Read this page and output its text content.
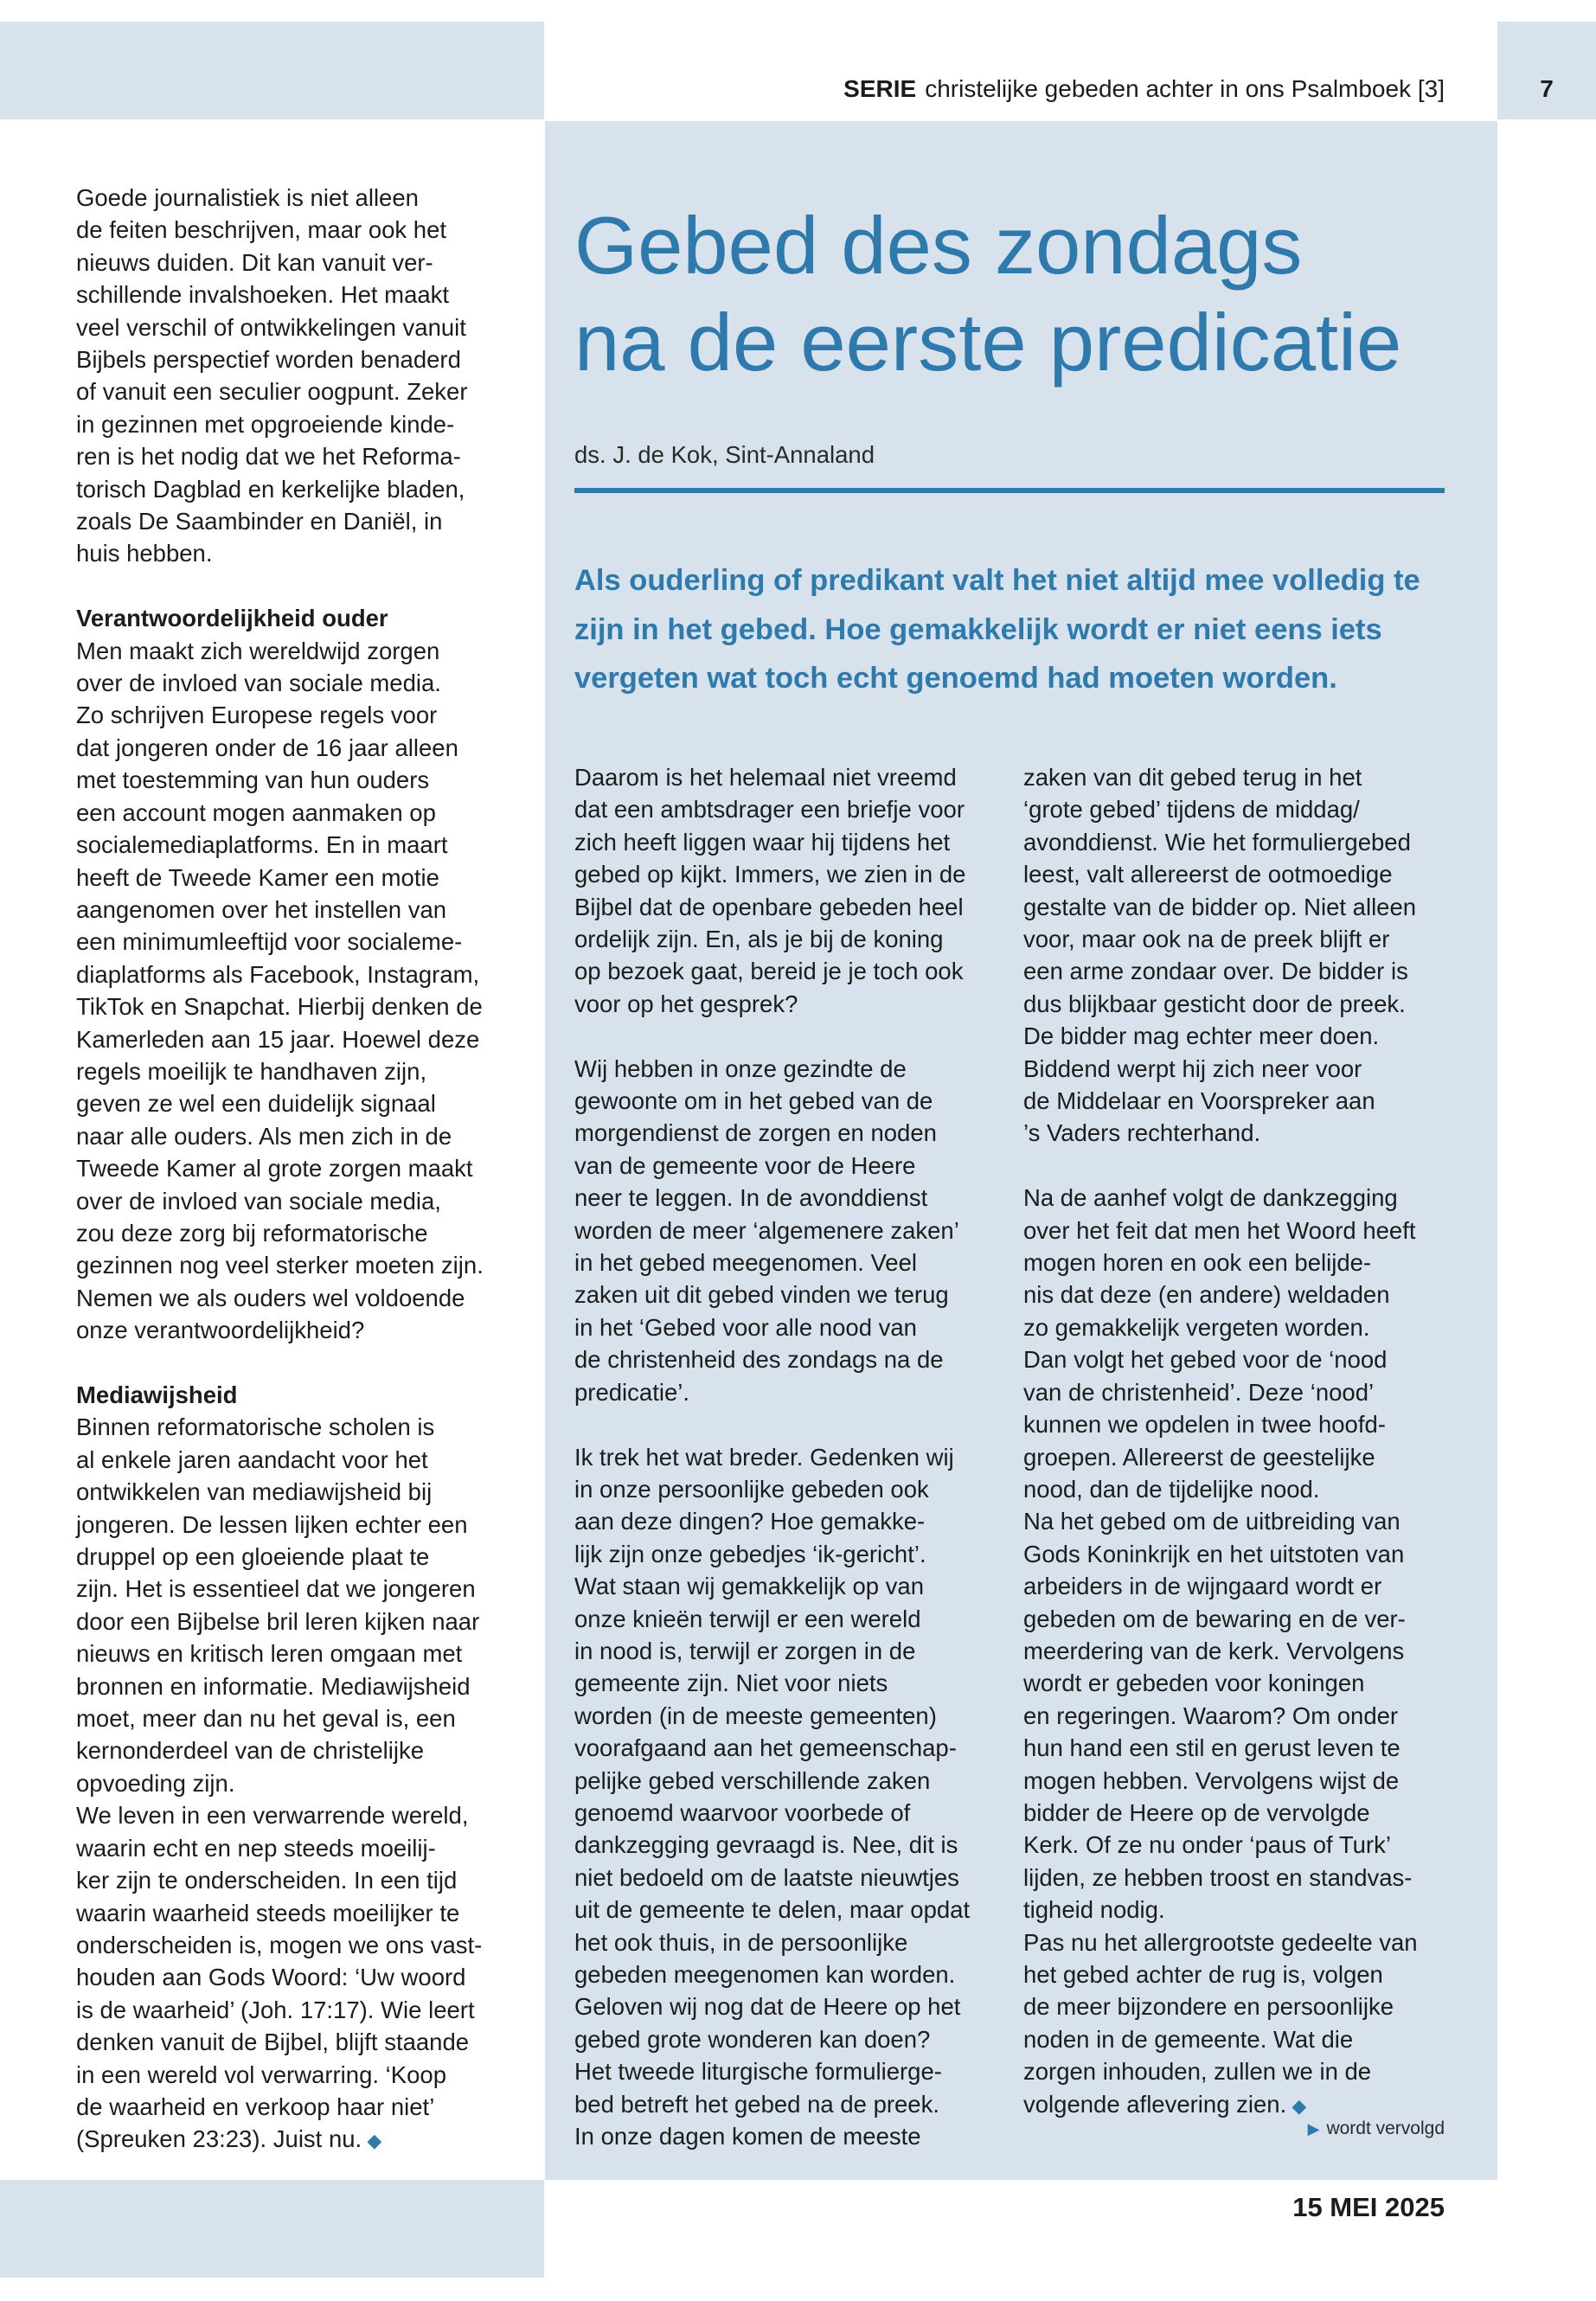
SERIE christelijke gebeden achter in ons Psalmboek [3]	7
Goede journalistiek is niet alleen
de feiten beschrijven, maar ook het
nieuws duiden. Dit kan vanuit ver-
schillende invalshoeken. Het maakt
veel verschil of ontwikkelingen vanuit
Bijbels perspectief worden benaderd
of vanuit een seculier oogpunt. Zeker
in gezinnen met opgroeiende kinde-
ren is het nodig dat we het Reforma-
torisch Dagblad en kerkelijke bladen,
zoals De Saambinder en Daniël, in
huis hebben.

Verantwoordelijkheid ouder

Men maakt zich wereldwijd zorgen
over de invloed van sociale media.
Zo schrijven Europese regels voor
dat jongeren onder de 16 jaar alleen
met toestemming van hun ouders
een account mogen aanmaken op
socialemediaplatforms. En in maart
heeft de Tweede Kamer een motie
aangenomen over het instellen van
een minimumleeftijd voor socialeme-
diaplatforms als Facebook, Instagram,
TikTok en Snapchat. Hierbij denken de
Kamerleden aan 15 jaar. Hoewel deze
regels moeilijk te handhaven zijn,
geven ze wel een duidelijk signaal
naar alle ouders. Als men zich in de
Tweede Kamer al grote zorgen maakt
over de invloed van sociale media,
zou deze zorg bij reformatorische
gezinnen nog veel sterker moeten zijn.
Nemen we als ouders wel voldoende
onze verantwoordelijkheid?

Mediawijsheid

Binnen reformatorische scholen is
al enkele jaren aandacht voor het
ontwikkelen van mediawijsheid bij
jongeren. De lessen lijken echter een
druppel op een gloeiende plaat te
zijn. Het is essentieel dat we jongeren
door een Bijbelse bril leren kijken naar
nieuws en kritisch leren omgaan met
bronnen en informatie. Mediawijsheid
moet, meer dan nu het geval is, een
kernonderdeel van de christelijke
opvoeding zijn.
We leven in een verwarrende wereld,
waarin echt en nep steeds moeilij-
ker zijn te onderscheiden. In een tijd
waarin waarheid steeds moeilijker te
onderscheiden is, mogen we ons vast-
houden aan Gods Woord: ‘Uw woord
is de waarheid’ (Joh. 17:17). Wie leert
denken vanuit de Bijbel, blijft staande
in een wereld vol verwarring. ‘Koop
de waarheid en verkoop haar niet’
(Spreuken 23:23). Juist nu. ◆
Gebed des zondags
na de eerste predicatie
ds. J. de Kok, Sint-Annaland
Als ouderling of predikant valt het niet altijd mee volledig te
zijn in het gebed. Hoe gemakkelijk wordt er niet eens iets
vergeten wat toch echt genoemd had moeten worden.
Daarom is het helemaal niet vreemd
dat een ambtsdrager een briefje voor
zich heeft liggen waar hij tijdens het
gebed op kijkt. Immers, we zien in de
Bijbel dat de openbare gebeden heel
ordelijk zijn. En, als je bij de koning
op bezoek gaat, bereid je je toch ook
voor op het gesprek?
Wij hebben in onze gezindte de
gewoonte om in het gebed van de
morgendienst de zorgen en noden
van de gemeente voor de Heere
neer te leggen. In de avonddienst
worden de meer ‘algemenere zaken’
in het gebed meegenomen. Veel
zaken uit dit gebed vinden we terug
in het ‘Gebed voor alle nood van
de christenheid des zondags na de
predicatie’.
Ik trek het wat breder. Gedenken wij
in onze persoonlijke gebeden ook
aan deze dingen? Hoe gemakke-
lijk zijn onze gebedjes ‘ik-gericht’.
Wat staan wij gemakkelijk op van
onze knieën terwijl er een wereld
in nood is, terwijl er zorgen in de
gemeente zijn. Niet voor niets
worden (in de meeste gemeenten)
voorafgaand aan het gemeenschap-
pelijke gebed verschillende zaken
genoemd waarvoor voorbede of
dankzegging gevraagd is. Nee, dit is
niet bedoeld om de laatste nieuwtjes
uit de gemeente te delen, maar opdat
het ook thuis, in de persoonlijke
gebeden meegenomen kan worden.
Geloven wij nog dat de Heere op het
gebed grote wonderen kan doen?
Het tweede liturgische formulierge-
bed betreft het gebed na de preek.
In onze dagen komen de meeste
zaken van dit gebed terug in het
‘grote gebed’ tijdens de middag/
avonddienst. Wie het formuliergebed
leest, valt allereerst de ootmoedige
gestalte van de bidder op. Niet alleen
voor, maar ook na de preek blijft er
een arme zondaar over. De bidder is
dus blijkbaar gesticht door de preek.
De bidder mag echter meer doen.
Biddend werpt hij zich neer voor
de Middelaar en Voorspreker aan
’s Vaders rechterhand.
Na de aanhef volgt de dankzegging
over het feit dat men het Woord heeft
mogen horen en ook een belijde-
nis dat deze (en andere) weldaden
zo gemakkelijk vergeten worden.
Dan volgt het gebed voor de ‘nood
van de christenheid’. Deze ‘nood’
kunnen we opdelen in twee hoofd-
groepen. Allereerst de geestelijke
nood, dan de tijdelijke nood.
Na het gebed om de uitbreiding van
Gods Koninkrijk en het uitstoten van
arbeiders in de wijngaard wordt er
gebeden om de bewaring en de ver-
meerdering van de kerk. Vervolgens
wordt er gebeden voor koningen
en regeringen. Waarom? Om onder
hun hand een stil en gerust leven te
mogen hebben. Vervolgens wijst de
bidder de Heere op de vervolgde
Kerk. Of ze nu onder ‘paus of Turk’
lijden, ze hebben troost en standvas-
tigheid nodig.
Pas nu het allergrootste gedeelte van
het gebed achter de rug is, volgen
de meer bijzondere en persoonlijke
noden in de gemeente. Wat die
zorgen inhouden, zullen we in de
volgende aflevering zien. ◆
▶ wordt vervolgd
15 MEI 2025
